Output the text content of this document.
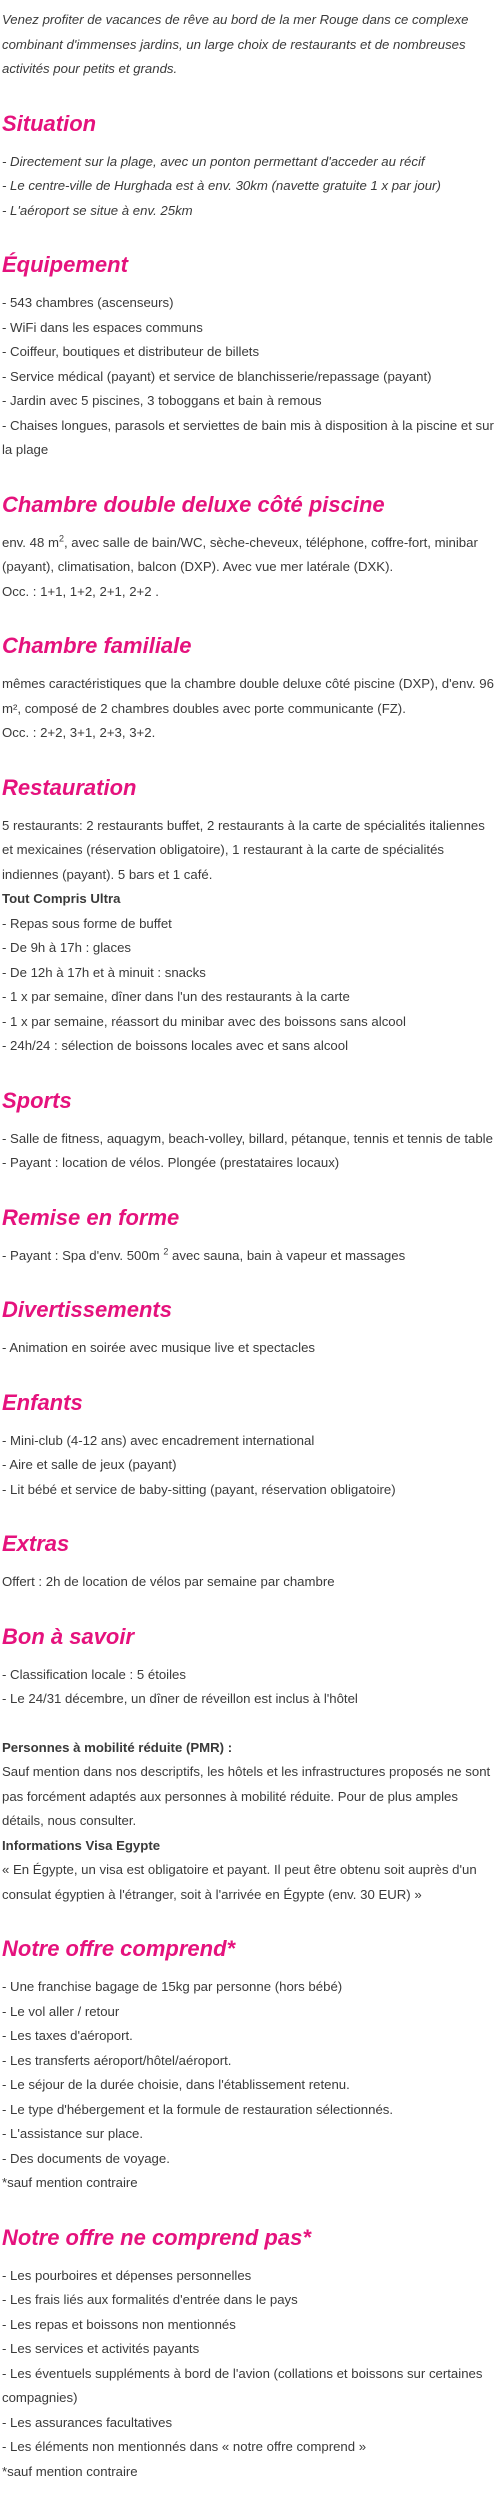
Venez profiter de vacances de rêve au bord de la mer Rouge dans ce complexe combinant d'immenses jardins, un large choix de restaurants et de nombreuses activités pour petits et grands.

Situation
- Directement sur la plage, avec un ponton permettant d'acceder au récif
- Le centre-ville de Hurghada est à env. 30km (navette gratuite 1 x par jour)
- L'aéroport se situe à env. 25km
Équipement
- 543 chambres (ascenseurs)
- WiFi dans les espaces communs
- Coiffeur, boutiques et distributeur de billets
- Service médical (payant) et service de blanchisserie/repassage (payant)
- Jardin avec 5 piscines, 3 toboggans et bain à remous
- Chaises longues, parasols et serviettes de bain mis à disposition à la piscine et sur la plage
Chambre double deluxe côté piscine
env. 48 $m^2$, avec salle de bain/WC, sèche-cheveux, téléphone, coffre-fort, minibar (payant), climatisation, balcon (DXP). Avec vue mer latérale (DXK).
Occ. : 1+1, 1+2, 2+1, 2+2 .
Chambre familiale
mêmes caractéristiques que la chambre double deluxe côté piscine (DXP), d'env. 96 m², composé de 2 chambres doubles avec porte communicante (FZ).
Occ. : 2+2, 3+1, 2+3, 3+2.
Restauration
5 restaurants: 2 restaurants buffet, 2 restaurants à la carte de spécialités italiennes et mexicaines (réservation obligatoire), 1 restaurant à la carte de spécialités indiennes (payant). 5 bars et 1 café.
Tout Compris Ultra
- Repas sous forme de buffet
- De 9h à 17h : glaces
- De 12h à 17h et à minuit : snacks
- 1 x par semaine, dîner dans l'un des restaurants à la carte
- 1 x par semaine, réassort du minibar avec des boissons sans alcool
- 24h/24 : sélection de boissons locales avec et sans alcool
Sports
- Salle de fitness, aquagym, beach-volley, billard, pétanque, tennis et tennis de table
- Payant : location de vélos. Plongée (prestataires locaux)
Remise en forme
- Payant : Spa d'env. 500m $^2$ avec sauna, bain à vapeur et massages
Divertissements
- Animation en soirée avec musique live et spectacles
Enfants
- Mini-club (4-12 ans) avec encadrement international
- Aire et salle de jeux (payant)
- Lit bébé et service de baby-sitting (payant, réservation obligatoire)
Extras
Offert : 2h de location de vélos par semaine par chambre
Bon à savoir
- Classification locale : 5 étoiles
- Le 24/31 décembre, un dîner de réveillon est inclus à l'hôtel
Personnes à mobilité réduite (PMR) :
Sauf mention dans nos descriptifs, les hôtels et les infrastructures proposés ne sont pas forcément adaptés aux personnes à mobilité réduite. Pour de plus amples détails, nous consulter.
Informations Visa Egypte
« En Égypte, un visa est obligatoire et payant. Il peut être obtenu soit auprès d'un consulat égyptien à l'étranger, soit à l'arrivée en Égypte (env. 30 EUR) »
Notre offre comprend*
- Une franchise bagage de 15kg par personne (hors bébé)
- Le vol aller / retour
- Les taxes d'aéroport.
- Les transferts aéroport/hôtel/aéroport.
- Le séjour de la durée choisie, dans l'établissement retenu.
- Le type d'hébergement et la formule de restauration sélectionnés.
- L'assistance sur place.
- Des documents de voyage.
*sauf mention contraire
Notre offre ne comprend pas*
- Les pourboires et dépenses personnelles
- Les frais liés aux formalités d'entrée dans le pays
- Les repas et boissons non mentionnés
- Les services et activités payants
- Les éventuels suppléments à bord de l'avion (collations et boissons sur certaines compagnies)
- Les assurances facultatives
- Les éléments non mentionnés dans « notre offre comprend »
*sauf mention contraire
